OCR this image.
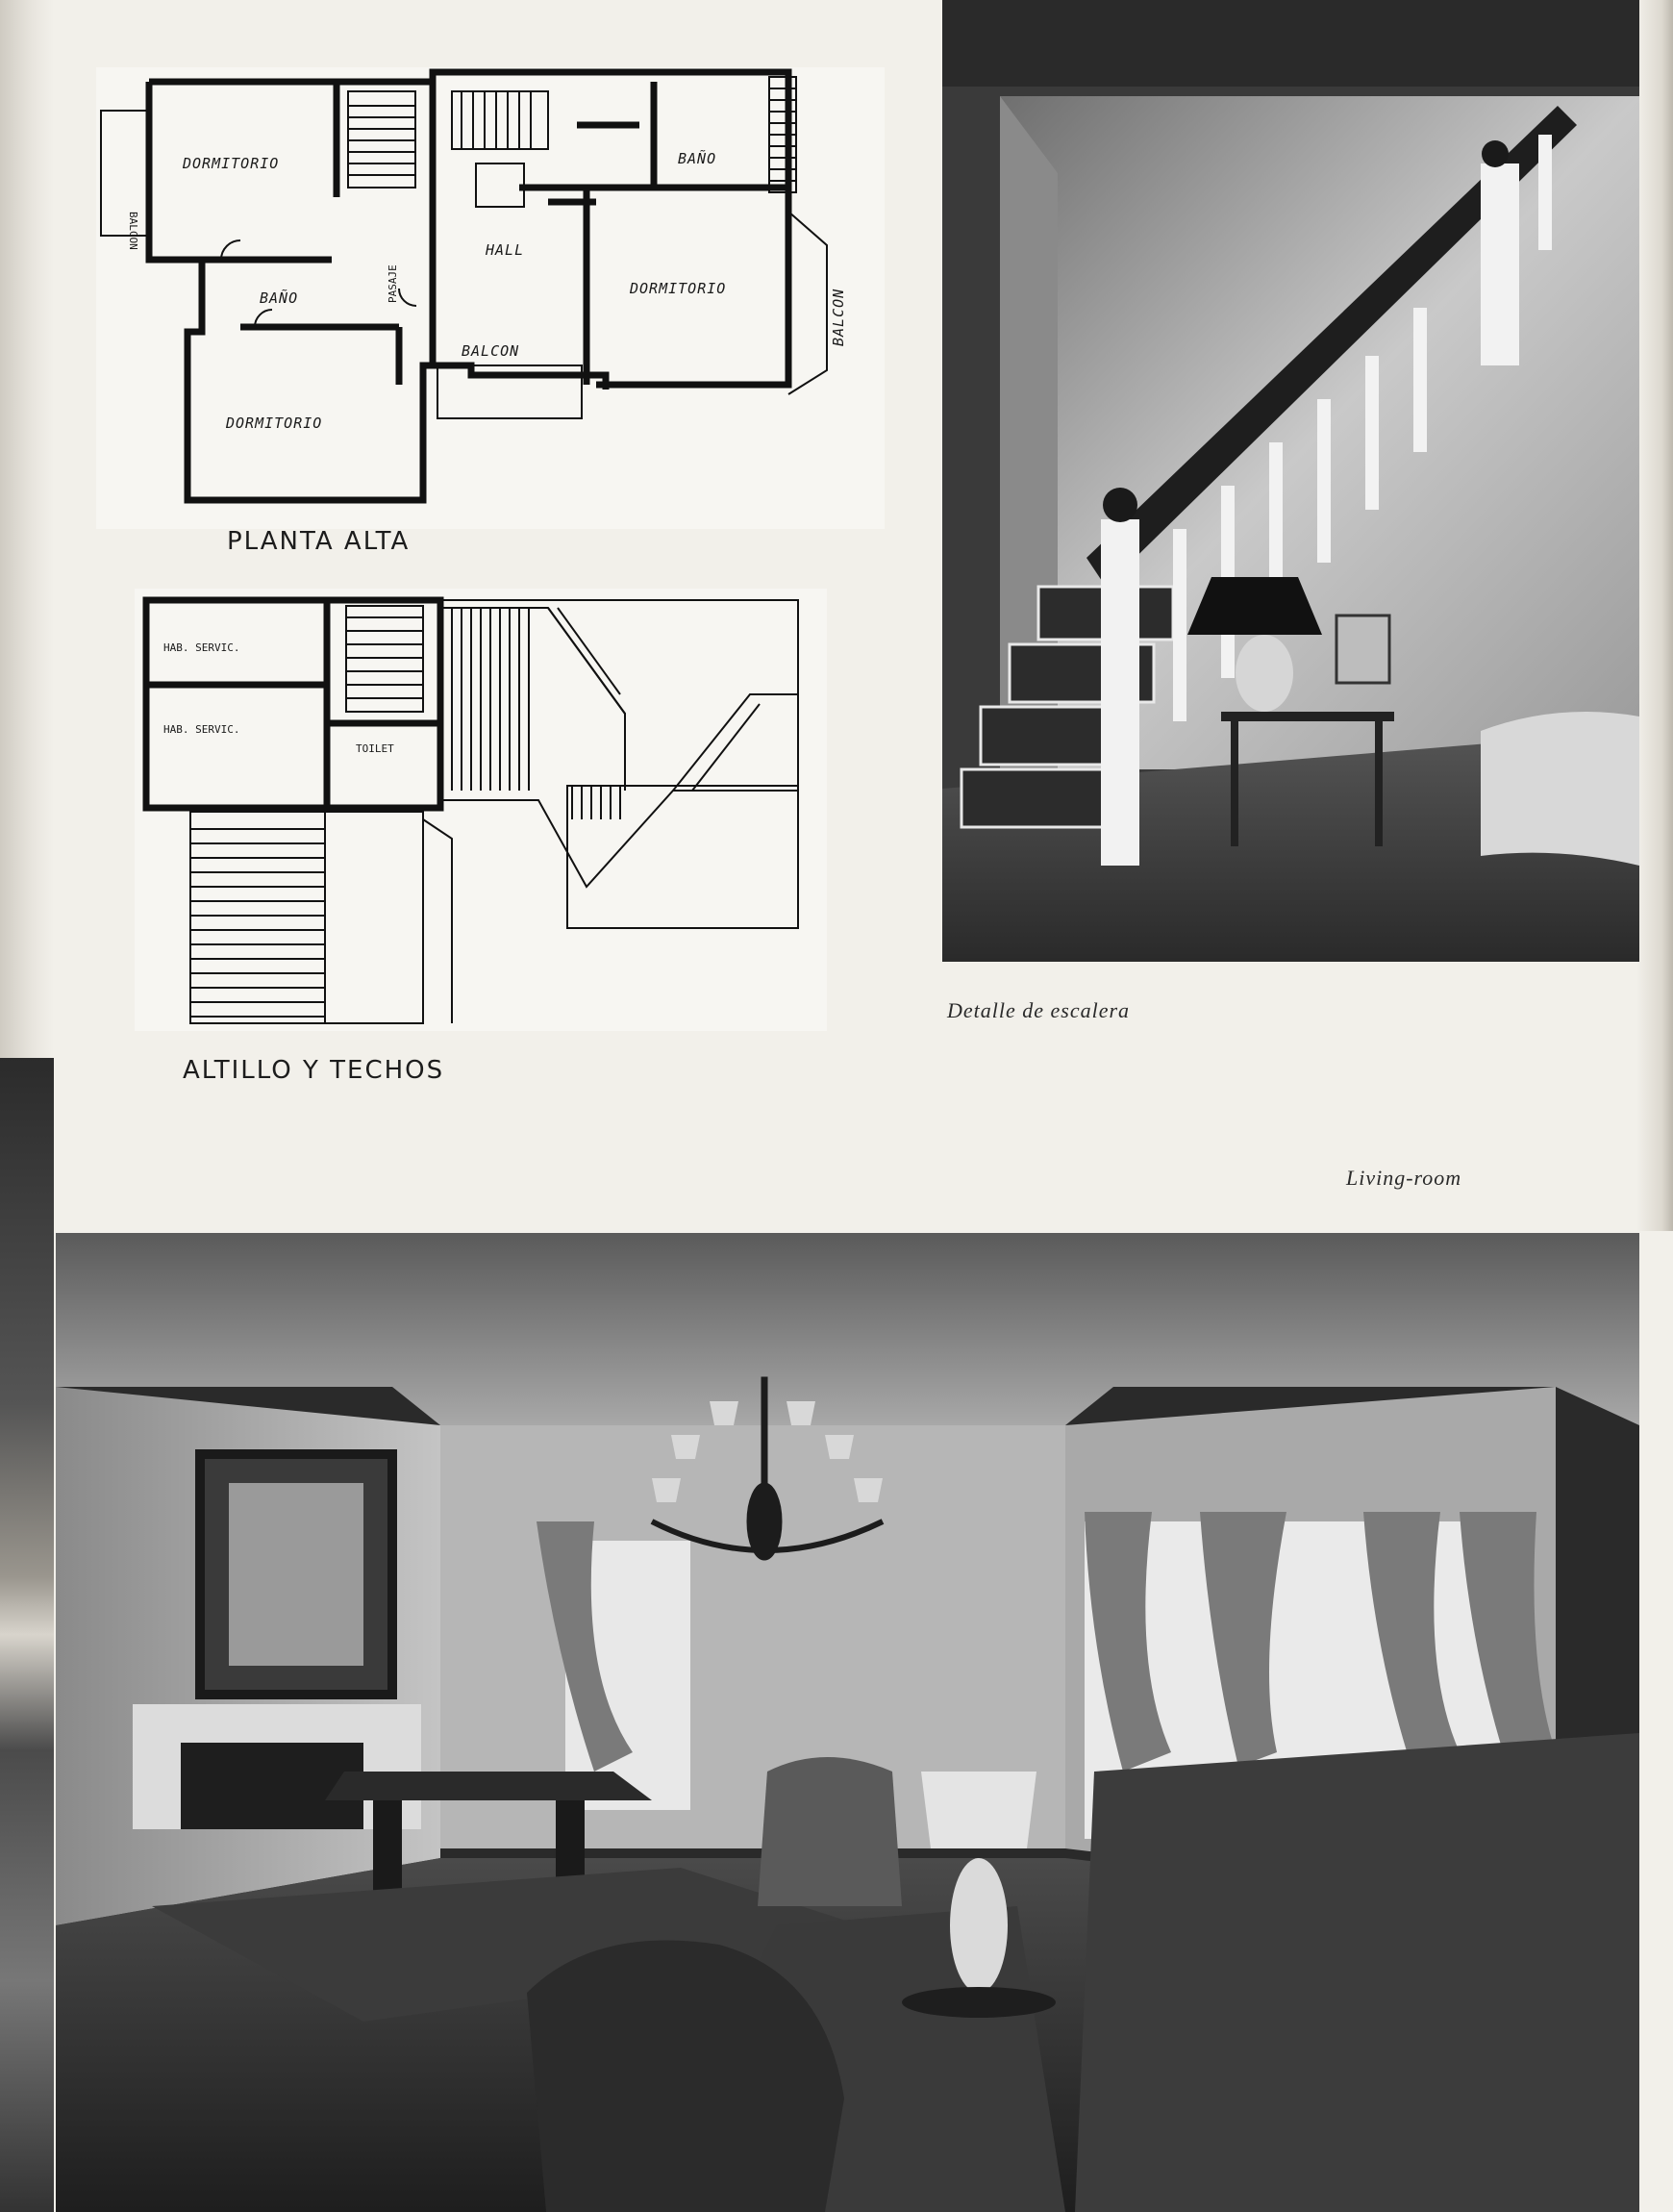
DORMITORIO
DORMITORIO
DORMITORIO
BAÑO
BAÑO
HALL
BALCON
PASAJE
BALCON
BALCON
PLANTA ALTA
HAB. SERVIC.
HAB. SERVIC.
TOILET
ALTILLO Y TECHOS
Detalle de escalera
Living-room
